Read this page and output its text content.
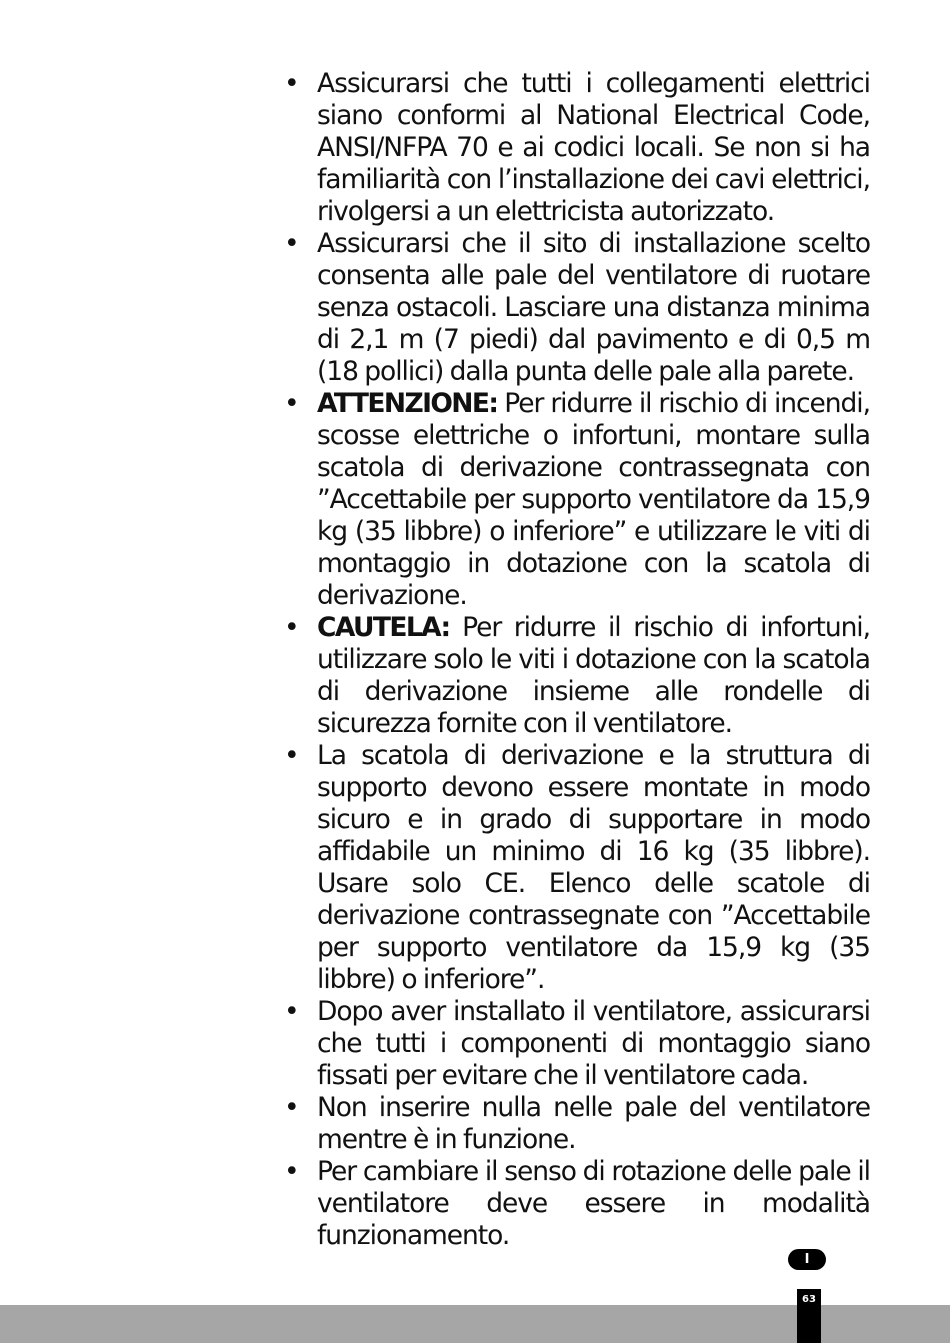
• Assicurarsi che tutti i collegamenti elettrici siano conformi al National Electrical Code, ANSI/NFPA 70 e ai codici locali. Se non si ha familiarità con l’installazione dei cavi elettrici, rivolgersi a un elettricista autorizzato.
• Assicurarsi che il sito di installazione scelto consenta alle pale del ventilatore di ruotare senza ostacoli. Lasciare una distanza minima di 2,1 m (7 piedi) dal pavimento e di 0,5 m (18 pollici) dalla punta delle pale alla parete.
• ATTENZIONE: Per ridurre il rischio di incendi, scosse elettriche o infortuni, montare sulla scatola di derivazione contrassegnata con ”Accettabile per supporto ventilatore da 15,9 kg (35 libbre) o inferiore” e utilizzare le viti di montaggio in dotazione con la scatola di derivazione.
• CAUTELA: Per ridurre il rischio di infortuni, utilizzare solo le viti i dotazione con la scatola di derivazione insieme alle rondelle di sicurezza fornite con il ventilatore.
• La scatola di derivazione e la struttura di supporto devono essere montate in modo sicuro e in grado di supportare in modo affidabile un minimo di 16 kg (35 libbre). Usare solo CE. Elenco delle scatole di derivazione contrassegnate con ”Accettabile per supporto ventilatore da 15,9 kg (35 libbre) o inferiore”.
• Dopo aver installato il ventilatore, assicurarsi che tutti i componenti di montaggio siano fissati per evitare che il ventilatore cada.
• Non inserire nulla nelle pale del ventilatore mentre è in funzione.
• Per cambiare il senso di rotazione delle pale il ventilatore deve essere in modalità funzionamento.
I
63
